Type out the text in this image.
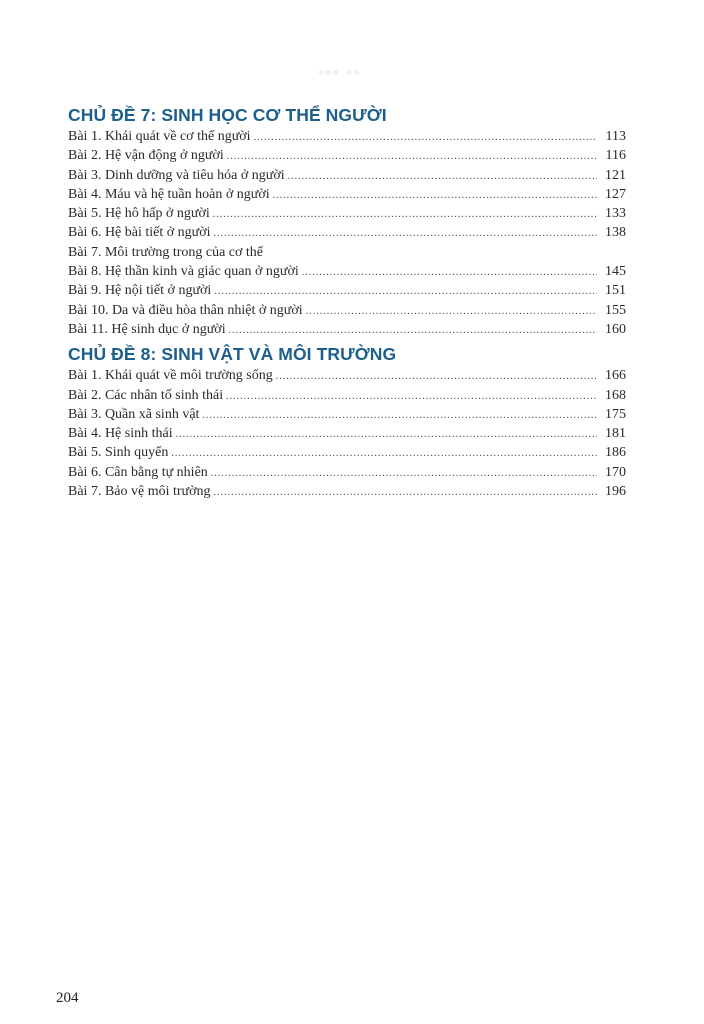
▪▪▪ ▪▪
CHỦ ĐỀ 7: SINH HỌC CƠ THỂ NGƯỜI
Bài 1. Khái quát về cơ thể người .....	113
Bài 2. Hệ vận động ở người .....	116
Bài 3. Dinh dưỡng và tiêu hóa ở người .....	121
Bài 4. Máu và hệ tuần hoàn ở người .....	127
Bài 5. Hệ hô hấp ở người .....	133
Bài 6. Hệ bài tiết ở người .....	138
Bài 7. Môi trường trong của cơ thể
Bài 8. Hệ thần kinh và giác quan ở người .....	145
Bài 9. Hệ nội tiết ở người .....	151
Bài 10. Da và điều hòa thân nhiệt ở người .....	155
Bài 11. Hệ sinh dục ở người .....	160
CHỦ ĐỀ 8: SINH VẬT VÀ MÔI TRƯỜNG
Bài 1. Khái quát về môi trường sống .....	166
Bài 2. Các nhân tố sinh thái .....	168
Bài 3. Quần xã sinh vật .....	175
Bài 4. Hệ sinh thái .....	181
Bài 5. Sinh quyển .....	186
Bài 6. Cân bằng tự nhiên .....	170
Bài 7. Bảo vệ môi trường .....	196
204
